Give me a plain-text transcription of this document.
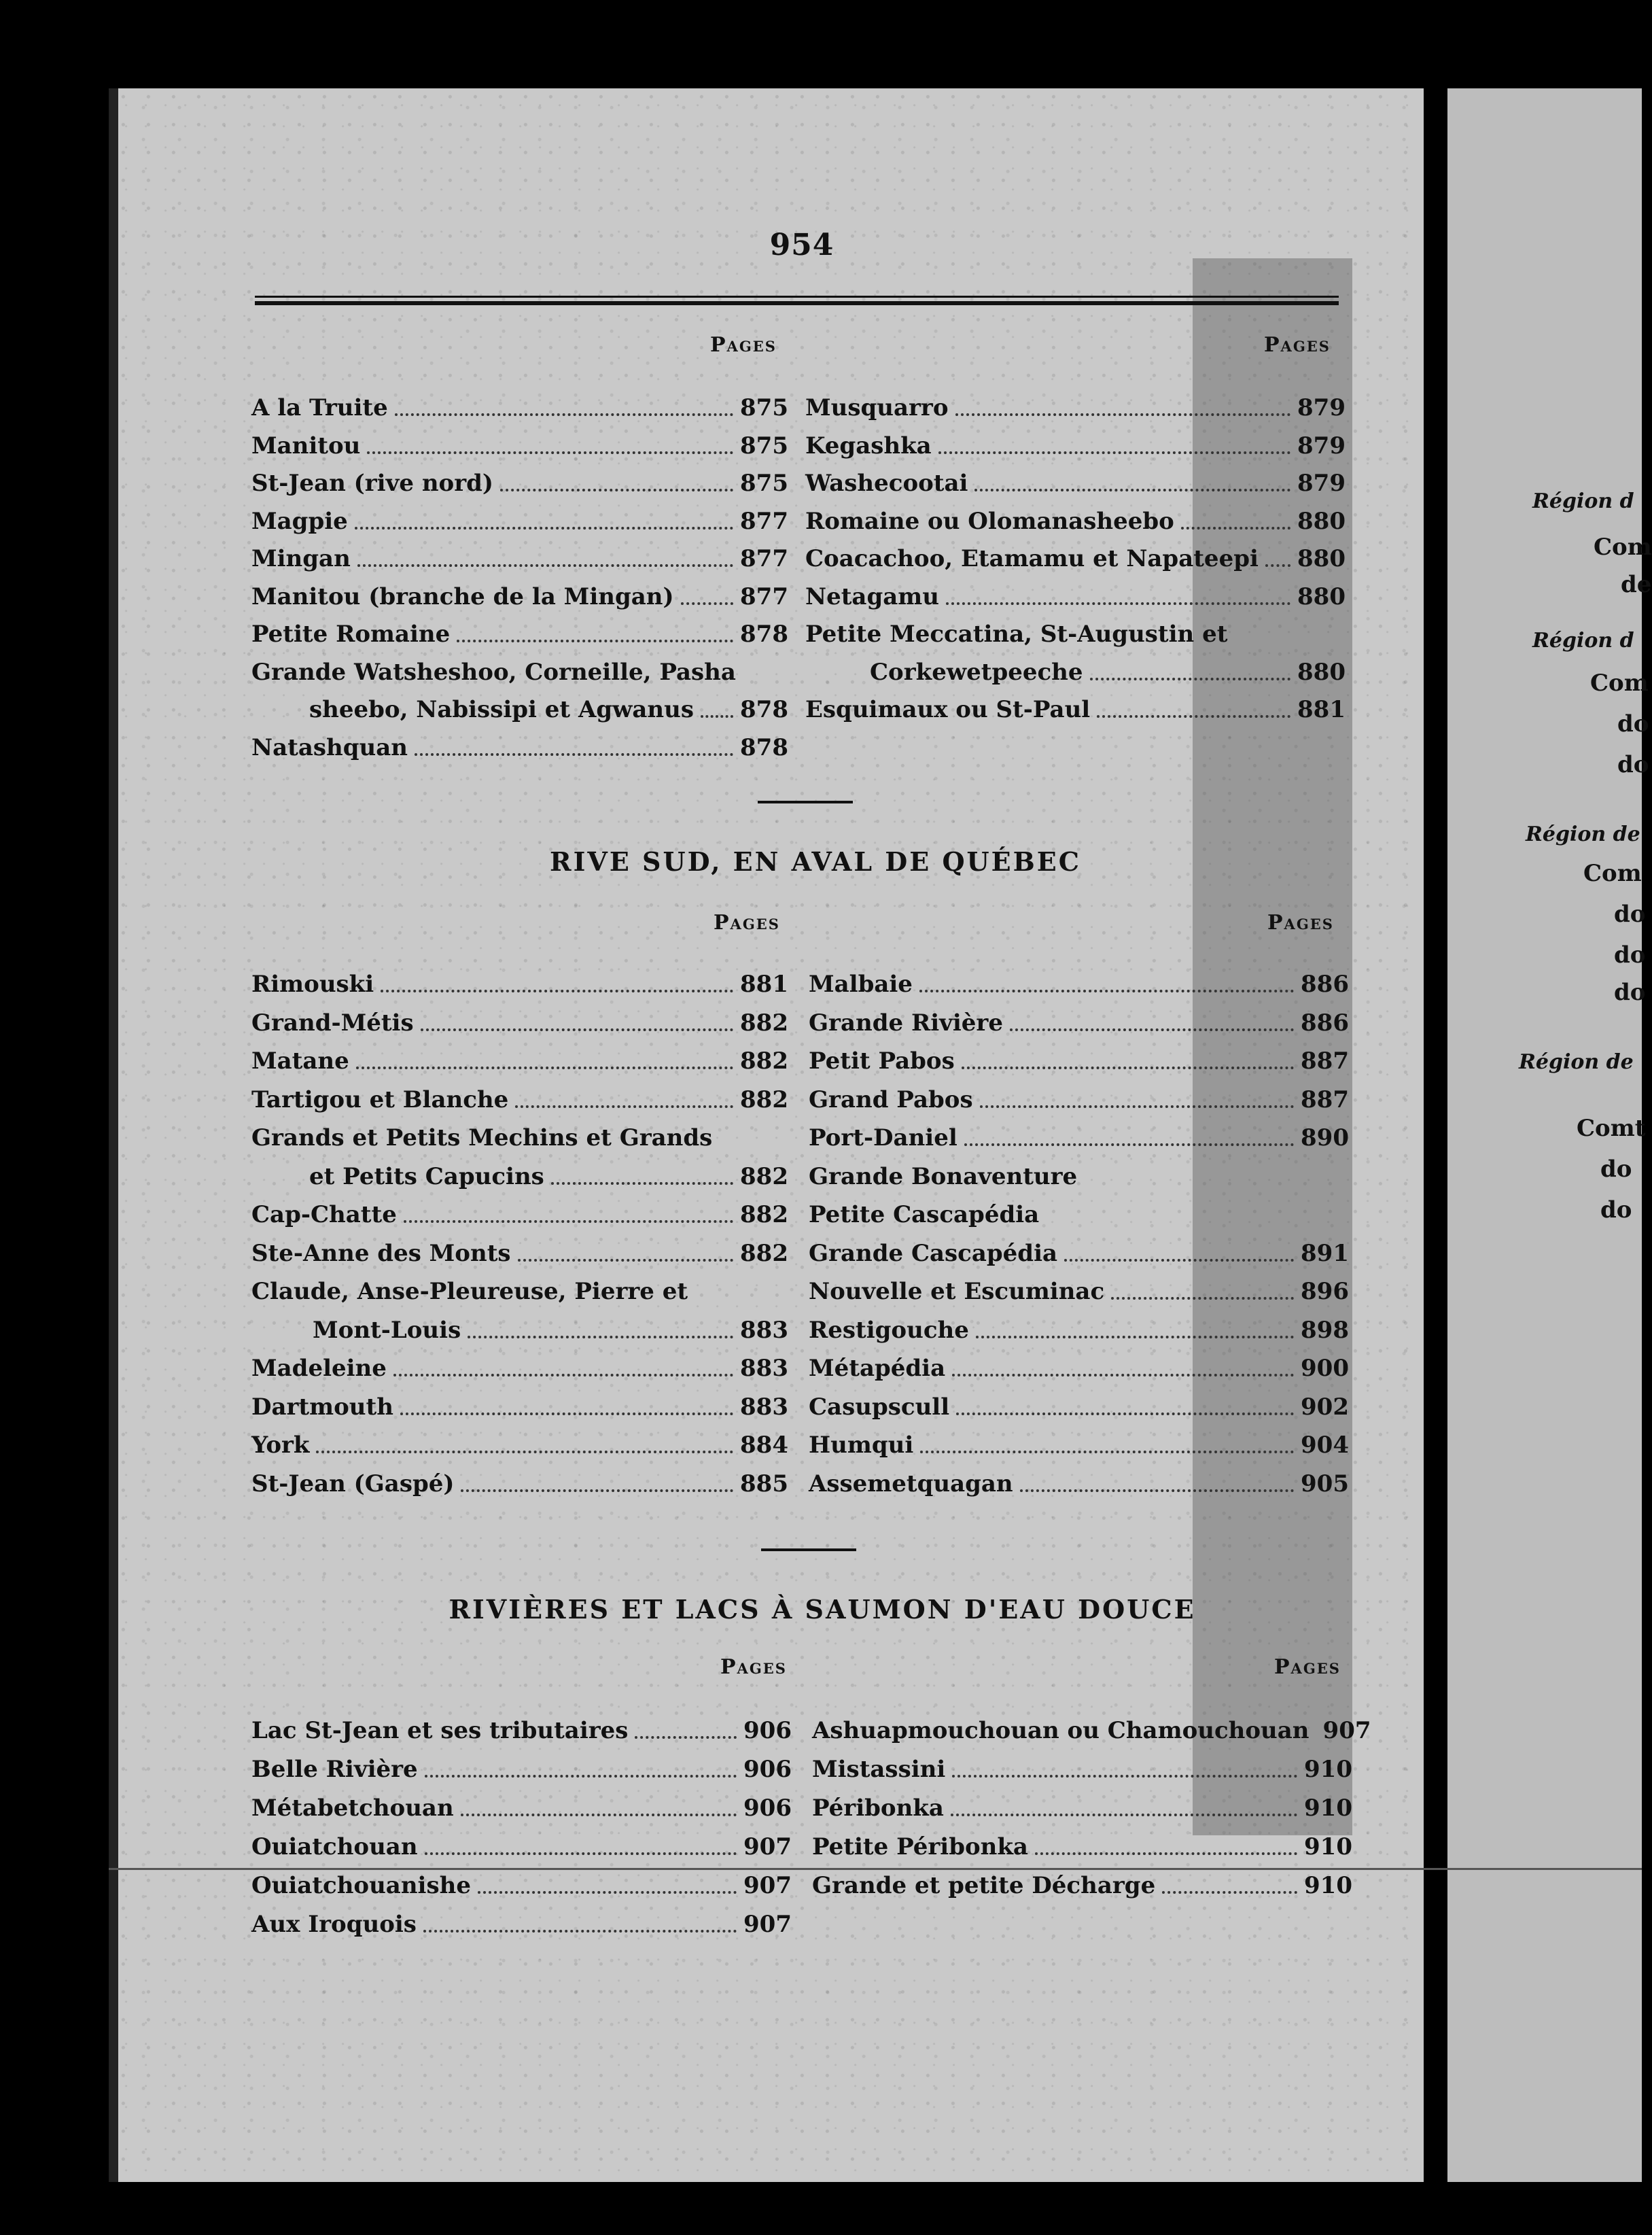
954
Pages	Pages
A la Truite	875
Manitou	875
St-Jean (rive nord)	875
Magpie	877
Mingan	877
Manitou (branche de la Mingan)	877
Petite Romaine	878
Grande Watsheshoo, Corneille, Pasha
sheebo, Nabissipi et Agwanus 878
Natashquan	878
Musquarro	879
Kegashka	879
Washecootai	879
Romaine ou Olomanasheebo	880
Coacachoo, Etamamu et Napateepi 880
Netagamu	880
Petite Meccatina, St-Augustin et
Corkewetpeeche	880
Esquimaux ou St-Paul	881
RIVE SUD, EN AVAL DE QUÉBEC
Pages	Pages
Rimouski	881
Grand-Métis	882
Matane	882
Tartigou et Blanche	882
Grands et Petits Mechins et Grands
et Petits Capucins	882
Cap-Chatte	882
Ste-Anne des Monts	882
Claude, Anse-Pleureuse, Pierre et
Mont-Louis	883
Madeleine	883
Dartmouth	883
York	884
St-Jean (Gaspé)	885
Malbaie	886
Grande Rivière	886
Petit Pabos	887
Grand Pabos	887
Port-Daniel	890
Grande Bonaventure
Petite Cascapédia
Grande Cascapédia	891
Nouvelle et Escuminac	896
Restigouche	898
Métapédia	900
Casupscull	902
Humqui	904
Assemetquagan	905
RIVIÈRES ET LACS À SAUMON D'EAU DOUCE
Pages	Pages
Lac St-Jean et ses tributaires	906
Belle Rivière	906
Métabetchouan	906
Ouiatchouan	907
Ouiatchouanishe	907
Aux Iroquois	907
Ashuapmouchouan ou Chamouchouan 907
Mistassini	910
Péribonka	910
Petite Péribonka	910
Grande et petite Décharge	910
Région d
Com
de
Région d
Com
do
do
Région de
Com
do
do
do
Région de
Comt
do
do
